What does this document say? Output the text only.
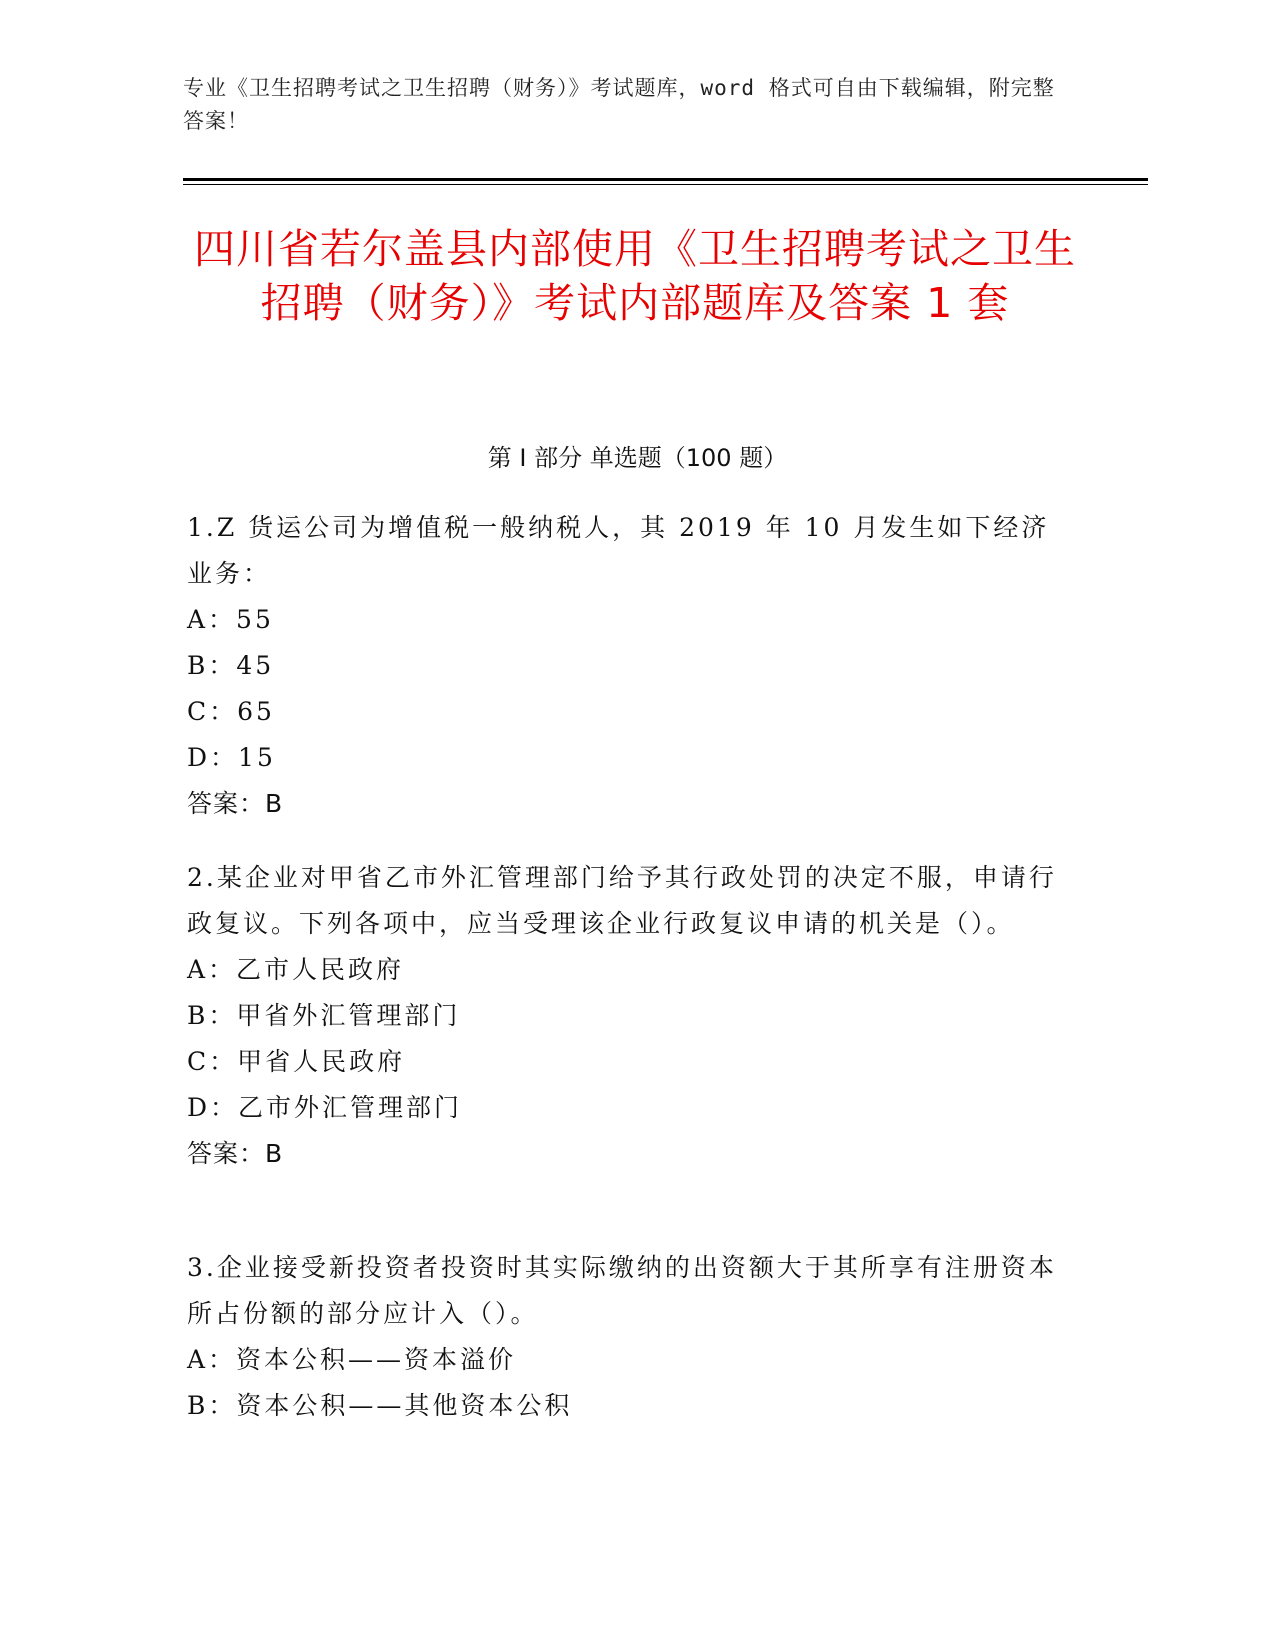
专业《卫生招聘考试之卫生招聘（财务）》考试题库，word 格式可自由下载编辑，附完整答案！
四川省若尔盖县内部使用《卫生招聘考试之卫生招聘（财务）》考试内部题库及答案 1 套
第 I 部分 单选题（100 题）

1.Z 货运公司为增值税一般纳税人，其 2019 年 10 月发生如下经济业务：

A：55

B：45

C：65

D：15

答案：B

2.某企业对甲省乙市外汇管理部门给予其行政处罚的决定不服，申请行政复议。下列各项中，应当受理该企业行政复议申请的机关是（）。

A：乙市人民政府

B：甲省外汇管理部门

C：甲省人民政府

D：乙市外汇管理部门

答案：B

3.企业接受新投资者投资时其实际缴纳的出资额大于其所享有注册资本所占份额的部分应计入（）。

A：资本公积——资本溢价

B：资本公积——其他资本公积
